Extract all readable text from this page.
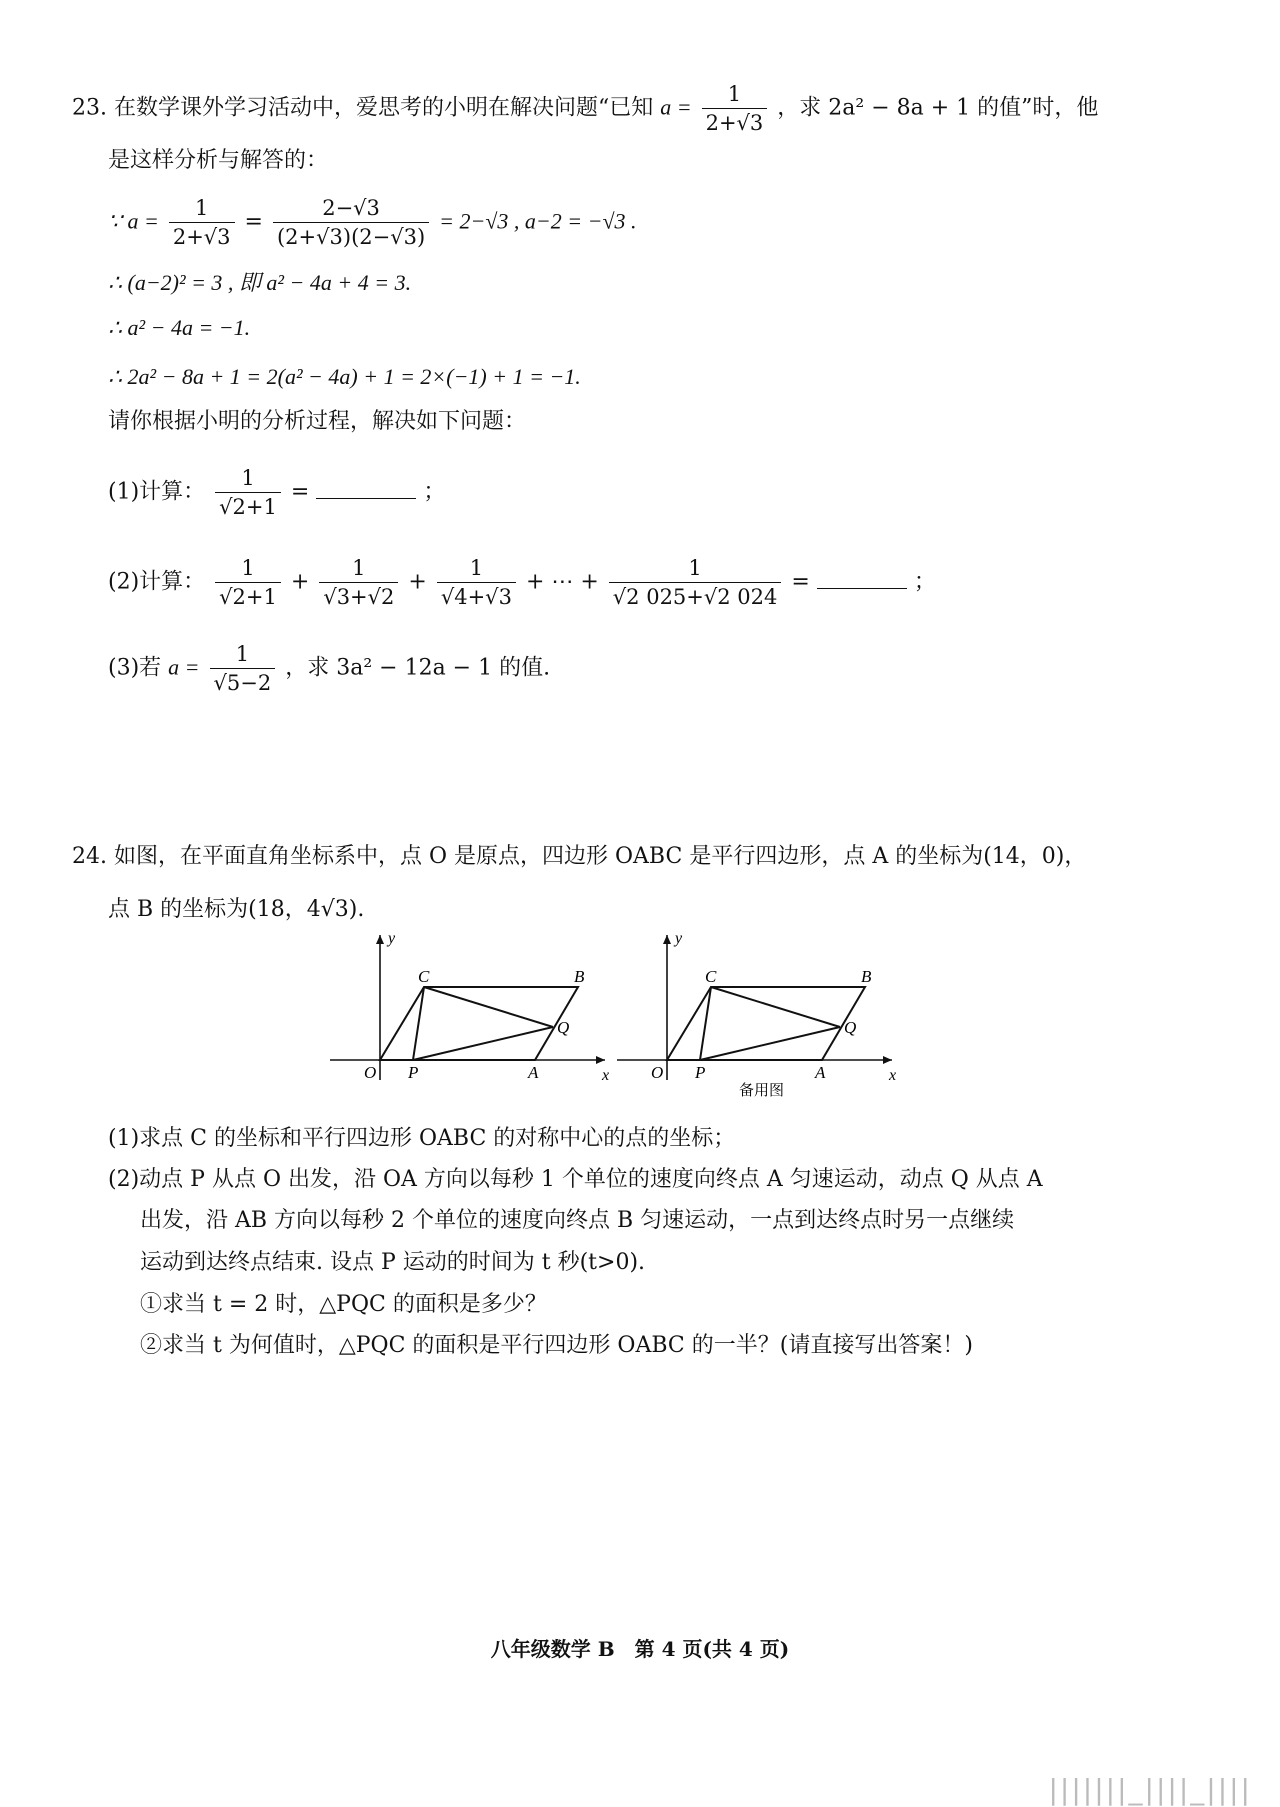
23. 在数学课外学习活动中，爱思考的小明在解决问题“已知 $a = \frac{1}{2+√3}$ ，求 2a² − 8a + 1 的值”时，他
是这样分析与解答的：
∵ $a = \frac{1}{2+√3} = \frac{2-√3}{(2+√3)(2-√3)} = 2-√3$ , a−2 = −√3 .
∴ (a−2)² = 3 , 即 a² − 4a + 4 = 3.
∴ a² − 4a = −1.
∴ 2a² − 8a + 1 = 2(a² − 4a) + 1 = 2×(−1) + 1 = −1.
请你根据小明的分析过程，解决如下问题：
(1)计算： $\frac{1}{√2+1}$ =	；
(2)计算： $\frac{1}{√2+1} + \frac{1}{√3+√2} + \frac{1}{√4+√3}$ + ⋯ + $\frac{1}{√2 025+√2 024}$ =	；
(3)若 $a = \frac{1}{√5-2}$ ，求 3a² − 12a − 1 的值.
24. 如图，在平面直角坐标系中，点 O 是原点，四边形 OABC 是平行四边形，点 A 的坐标为(14，0)，
点 B 的坐标为(18，4√3).
y
x
O P	A
B
C
Q
y
x
O P	A
B
C
Q
备用图
(1)求点 C 的坐标和平行四边形 OABC 的对称中心的点的坐标；
(2)动点 P 从点 O 出发，沿 OA 方向以每秒 1 个单位的速度向终点 A 匀速运动，动点 Q 从点 A
出发，沿 AB 方向以每秒 2 个单位的速度向终点 B 匀速运动，一点到达终点时另一点继续
运动到达终点结束. 设点 P 运动的时间为 t 秒(t>0).
①求当 t = 2 时，△PQC 的面积是多少？
②求当 t 为何值时，△PQC 的面积是平行四边形 OABC 的一半？(请直接写出答案！)
八年级数学 B　第 4 页(共 4 页)
|||||||_||||_||||
